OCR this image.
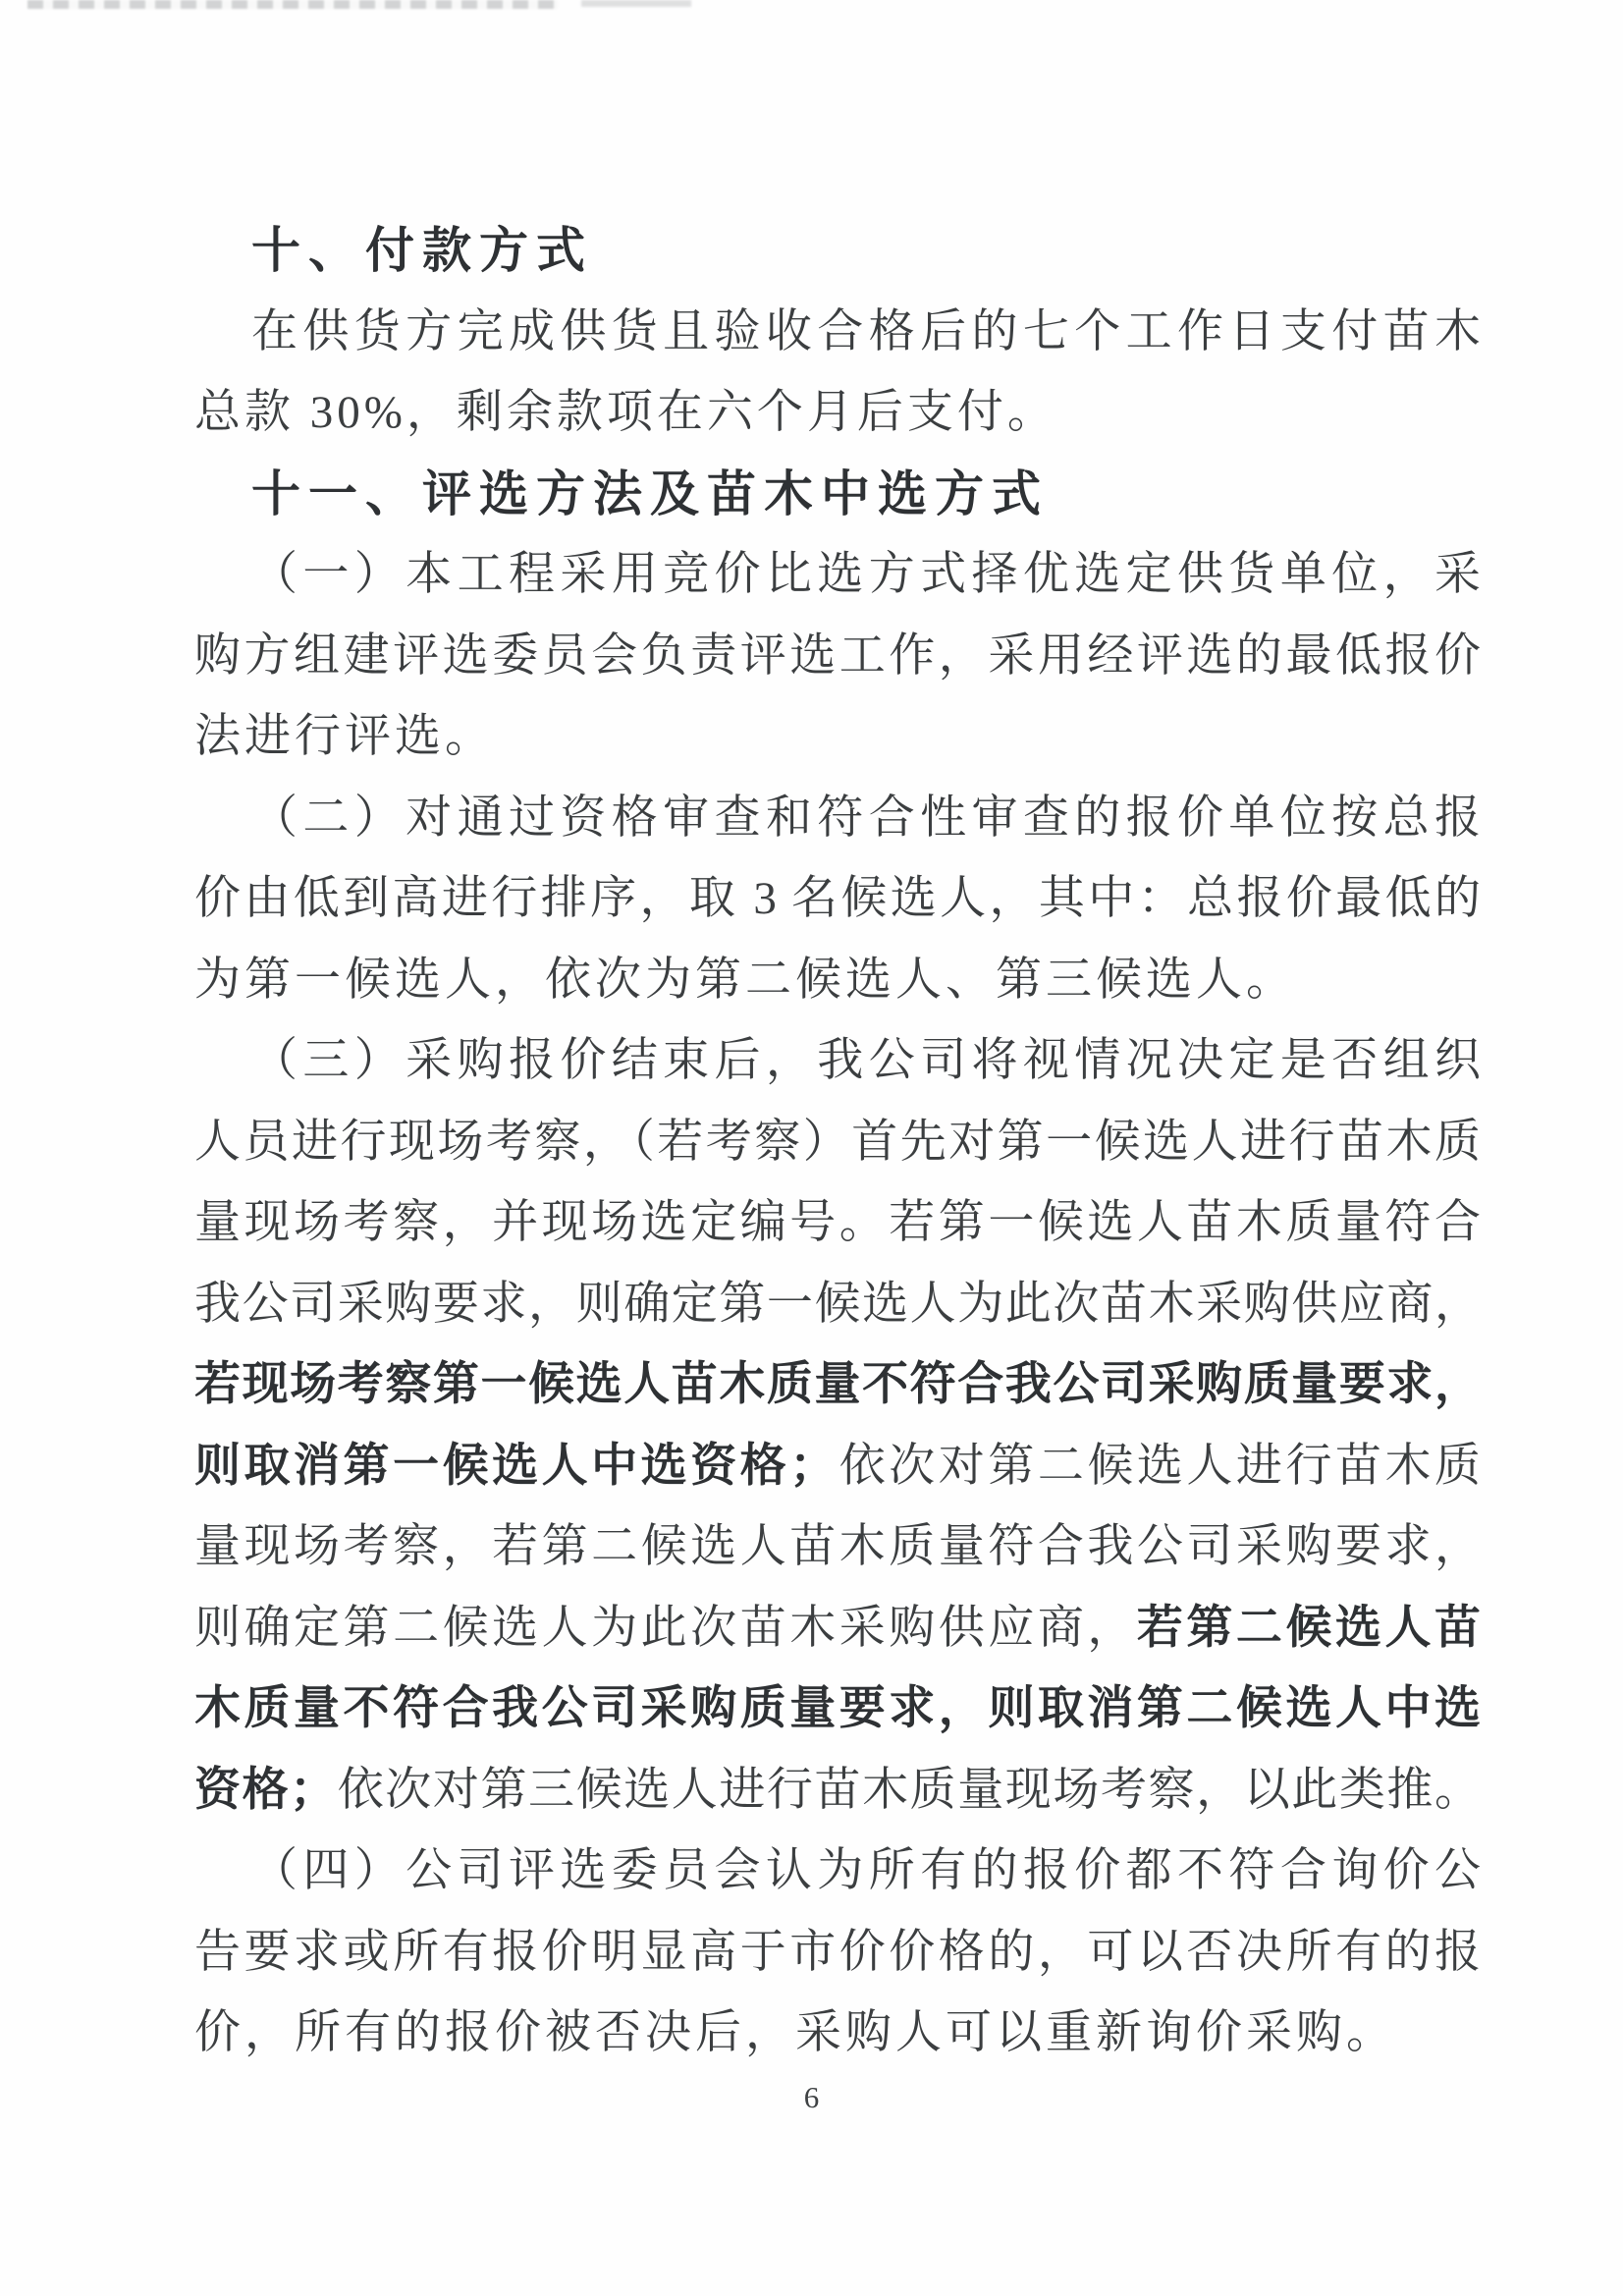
十、付款方式
在供货方完成供货且验收合格后的七个工作日支付苗木
总款 30%，剩余款项在六个月后支付。
十一、评选方法及苗木中选方式
（一）本工程采用竞价比选方式择优选定供货单位，采
购方组建评选委员会负责评选工作，采用经评选的最低报价
法进行评选。
（二）对通过资格审查和符合性审查的报价单位按总报
价由低到高进行排序，取 3 名候选人，其中：总报价最低的
为第一候选人，依次为第二候选人、第三候选人。
（三）采购报价结束后，我公司将视情况决定是否组织
人员进行现场考察，（若考察）首先对第一候选人进行苗木质
量现场考察，并现场选定编号。若第一候选人苗木质量符合
我公司采购要求，则确定第一候选人为此次苗木采购供应商，
若现场考察第一候选人苗木质量不符合我公司采购质量要求，
则取消第一候选人中选资格；依次对第二候选人进行苗木质
量现场考察，若第二候选人苗木质量符合我公司采购要求，
则确定第二候选人为此次苗木采购供应商，若第二候选人苗
木质量不符合我公司采购质量要求，则取消第二候选人中选
资格；依次对第三候选人进行苗木质量现场考察，以此类推。
（四）公司评选委员会认为所有的报价都不符合询价公
告要求或所有报价明显高于市价价格的，可以否决所有的报
价，所有的报价被否决后，采购人可以重新询价采购。
6
